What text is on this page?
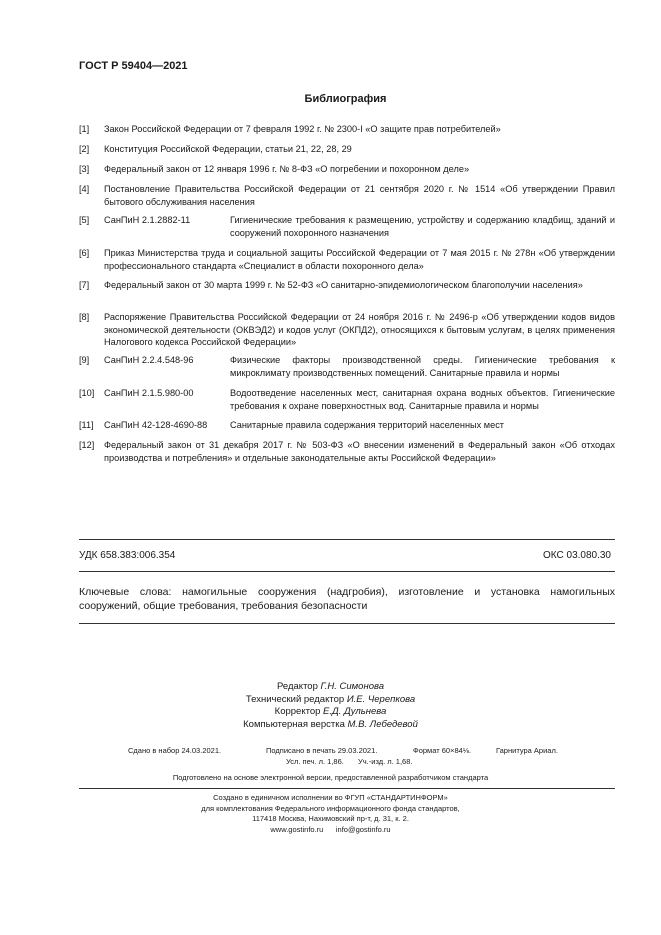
ГОСТ Р 59404—2021
Библиография
[1] Закон Российской Федерации от 7 февраля 1992 г. № 2300-I «О защите прав потребителей»
[2] Конституция Российской Федерации, статьи 21, 22, 28, 29
[3] Федеральный закон от 12 января 1996 г. № 8-ФЗ «О погребении и похоронном деле»
[4] Постановление Правительства Российской Федерации от 21 сентября 2020 г. № 1514 «Об утверждении Правил бытового обслуживания населения
[5] СанПиН 2.1.2882-11	Гигиенические требования к размещению, устройству и содержанию кладбищ, зданий и сооружений похоронного назначения
[6] Приказ Министерства труда и социальной защиты Российской Федерации от 7 мая 2015 г. № 278н «Об утверждении профессионального стандарта «Специалист в области похоронного дела»
[7] Федеральный закон от 30 марта 1999 г. № 52-ФЗ «О санитарно-эпидемиологическом благополучии населения»
[8] Распоряжение Правительства Российской Федерации от 24 ноября 2016 г. № 2496-р «Об утверждении кодов видов экономической деятельности (ОКВЭД2) и кодов услуг (ОКПД2), относящихся к бытовым услугам, в целях применения Налогового кодекса Российской Федерации»
[9] СанПиН 2.2.4.548-96	Физические факторы производственной среды. Гигиенические требования к микроклимату производственных помещений. Санитарные правила и нормы
[10] СанПиН 2.1.5.980-00	Водоотведение населенных мест, санитарная охрана водных объектов. Гигиенические требования к охране поверхностных вод. Санитарные правила и нормы
[11] СанПиН 42-128-4690-88 Санитарные правила содержания территорий населенных мест
[12] Федеральный закон от 31 декабря 2017 г. № 503-ФЗ «О внесении изменений в Федеральный закон «Об отходах производства и потребления» и отдельные законодательные акты Российской Федерации»
УДК 658.383:006.354	ОКС 03.080.30
Ключевые слова: намогильные сооружения (надгробия), изготовление и установка намогильных сооружений, общие требования, требования безопасности
Редактор Г.Н. Симонова
Технический редактор И.Е. Черепкова
Корректор Е.Д. Дульнева
Компьютерная верстка М.В. Лебедевой
Сдано в набор 24.03.2021.	Подписано в печать 29.03.2021.	Формат 60×84⅛.	Гарнитура Ариал.
Усл. печ. л. 1,86. Уч.-изд. л. 1,68.
Подготовлено на основе электронной версии, предоставленной разработчиком стандарта
Создано в единичном исполнении во ФГУП «СТАНДАРТИНФОРМ»
для комплектования Федерального информационного фонда стандартов,
117418 Москва, Нахимовский пр-т, д. 31, к. 2.
www.gostinfo.ru info@gostinfo.ru
